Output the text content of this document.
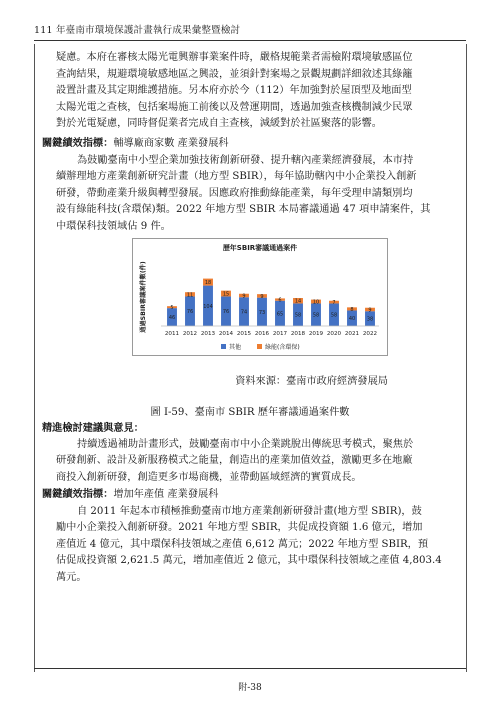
111 年臺南市環境保護計畫執行成果彙整暨檢討

疑慮。本府在審核太陽光電興辦事業案件時，嚴格規範業者需檢附環境敏感區位

查詢結果，規避環境敏感地區之興設，並須針對案場之景觀規劃詳細敘述其綠籬

設置計畫及其定期維護措施。另本府亦於今（112）年加強對於屋頂型及地面型

太陽光電之查核，包括案場施工前後以及營運期間，透過加強查核機制減少民眾

對於光電疑慮，同時督促業者完成自主查核，減緩對於社區聚落的影響。

關鍵績效指標：輔導廠商家數 產業發展科

為鼓勵臺南中小型企業加強技術創新研發、提升轄內產業經濟發展，本市持

續辦理地方產業創新研究計畫（地方型 SBIR），每年協助轄內中小企業投入創新

研發，帶動產業升級與轉型發展。因應政府推動綠能產業，每年受理申請類別均

設有綠能科技(含環保)類。2022 年地方型 SBIR 本局審議通過 47 項申請案件，其

中環保科技領域佔 9 件。

歷年SBIR審議通過案件
通過SBIR審議案件數(件)	46
5
76
11
104
18
76
15
74
9
73
9
65
6
58
14
58
10
58
7
40
8
38
9
2011 2012 2013 2014 2015 2016 2017 2018 2019 2020 2021 2022
其他	綠能(含環保)
資料來源：臺南市政府經濟發展局
圖 I-59、臺南市 SBIR 歷年審議通過案件數

精進檢討建議與意見：

持續透過補助計畫形式，鼓勵臺南市中小企業跳脫出傳統思考模式，聚焦於

研發創新、設計及新服務模式之能量，創造出的產業加值效益，激勵更多在地廠

商投入創新研發，創造更多市場商機，並帶動區域經濟的實質成長。

關鍵績效指標：增加年產值 產業發展科

自 2011 年起本市積極推動臺南市地方產業創新研發計畫(地方型 SBIR)，鼓

勵中小企業投入創新研發。2021 年地方型 SBIR，共促成投資額 1.6 億元，增加

產值近 4 億元，其中環保科技領域之產值 6,612 萬元；2022 年地方型 SBIR，預

估促成投資額 2,621.5 萬元，增加產值近 2 億元，其中環保科技領域之產值 4,803.4

萬元。

附-38
